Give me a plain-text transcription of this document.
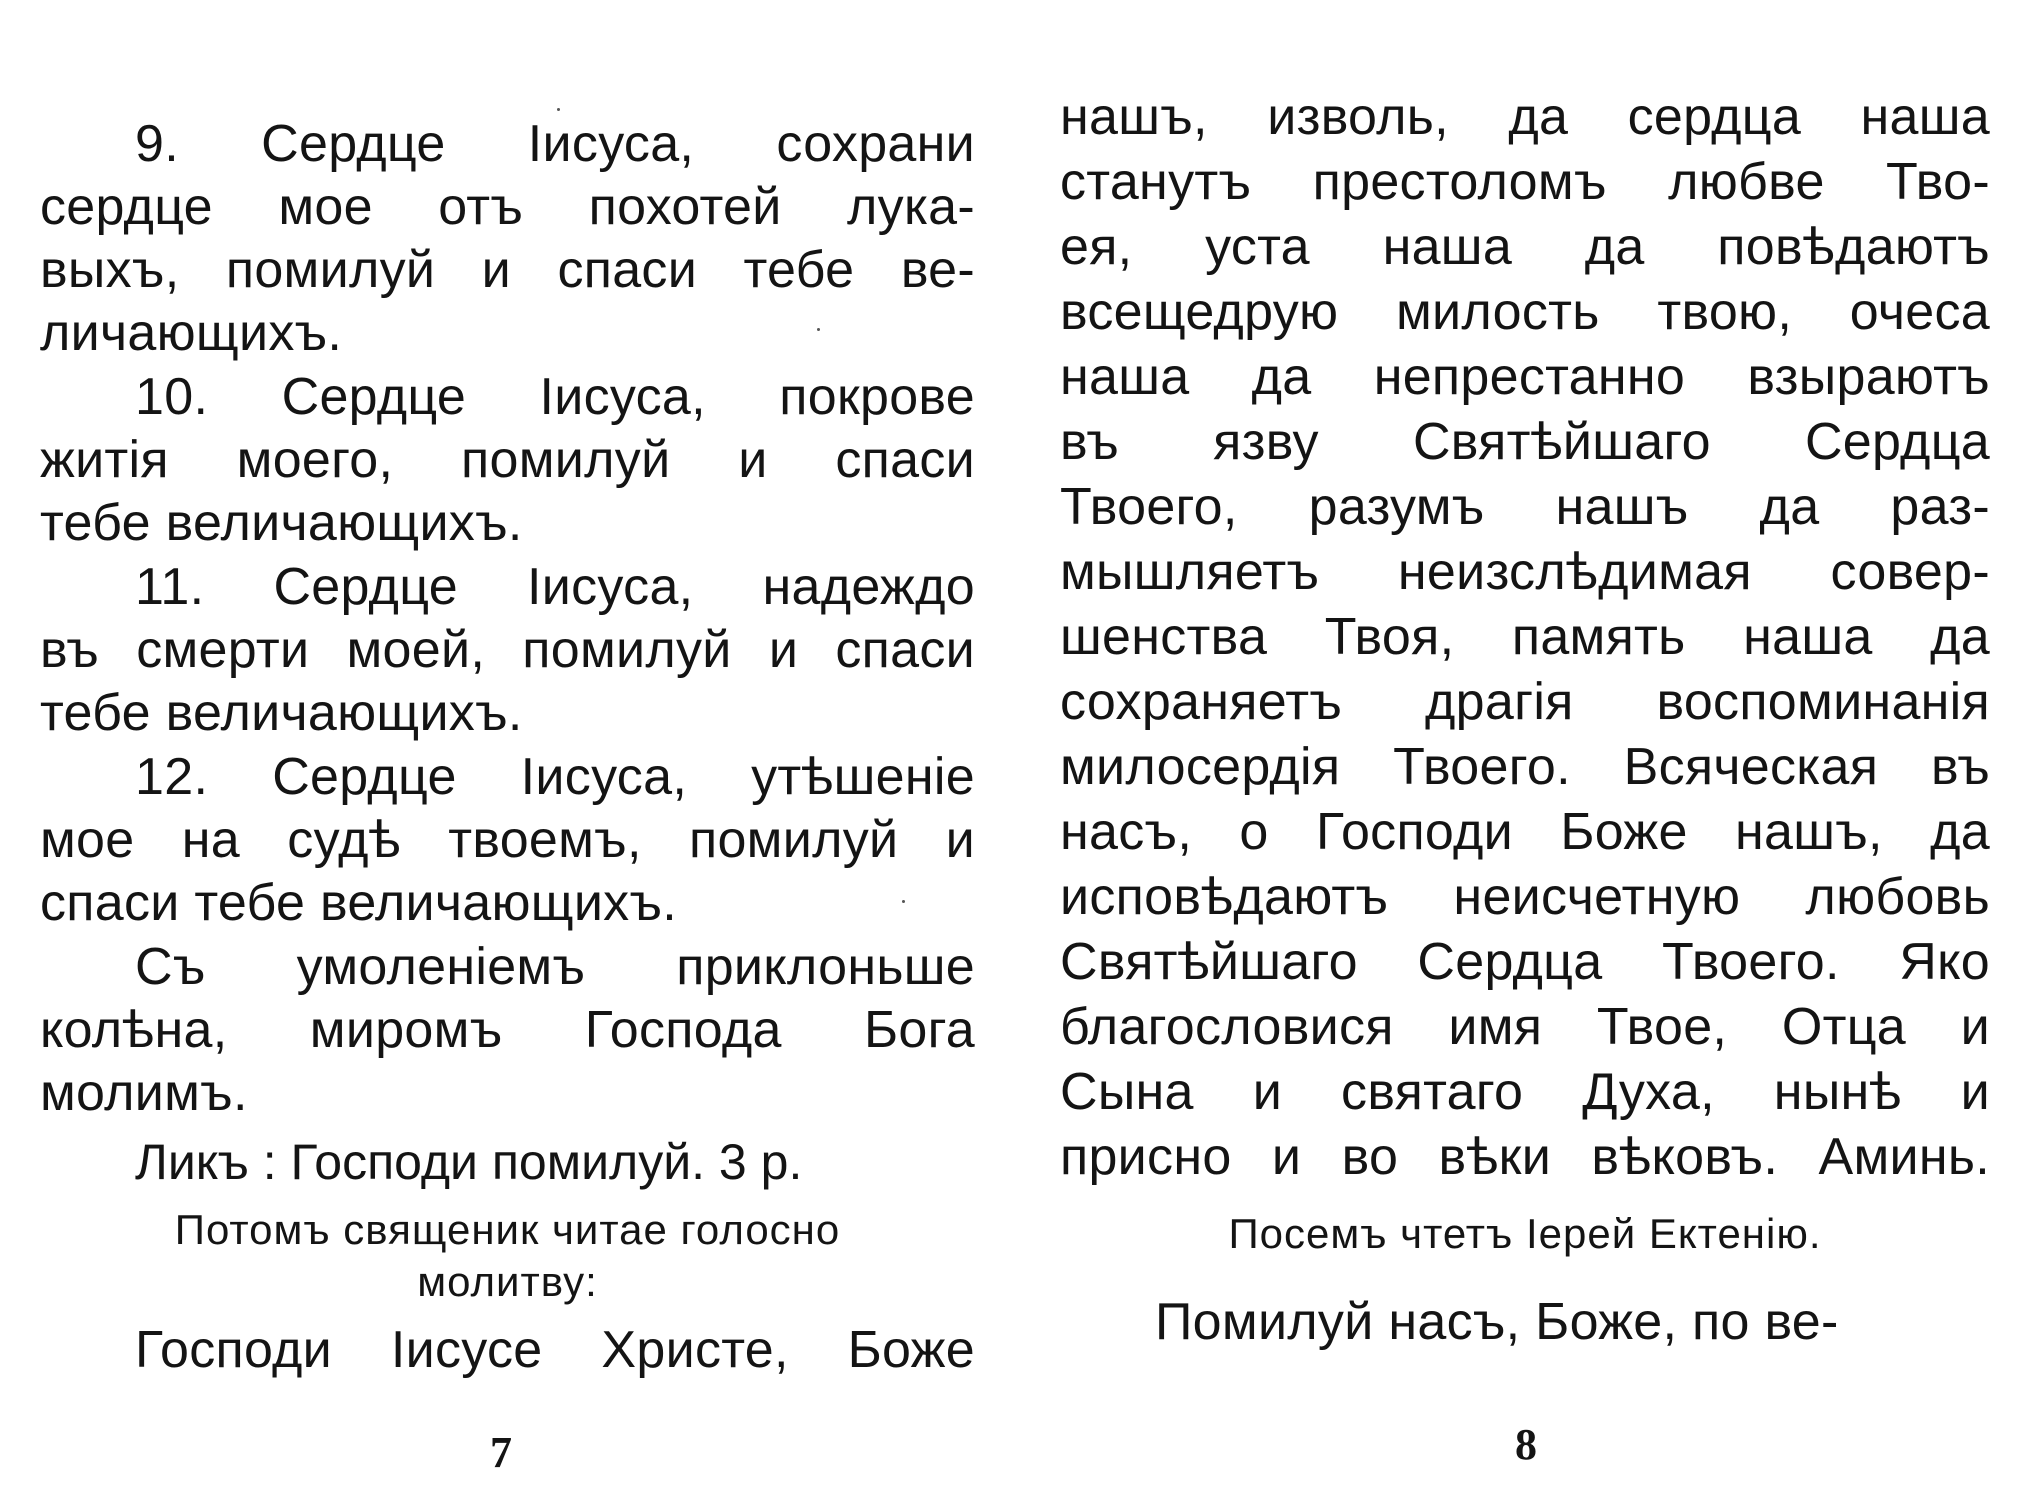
9. Сердце Іисуса, сохрани
сердце мое отъ похотей лука-
выхъ, помилуй и спаси тебе ве-
личающихъ.
10. Сердце Іисуса, покрове
житія моего, помилуй и спаси
тебе величающихъ.
11. Сердце Іисуса, надеждо
въ смерти моей, помилуй и спаси
тебе величающихъ.
12. Сердце Іисуса, утѣшеніе
мое на судѣ твоемъ, помилуй и
спаси тебе величающихъ.
Съ умоленіемъ приклоньше
колѣна, миромъ Господа Бога
молимъ.
Ликъ : Господи помилуй. 3 р.
Потомъ священик читае голосно
молитву:
Господи Іисусе Христе, Боже
7
нашъ, изволь, да сердца наша
станутъ престоломъ любве Тво-
ея, уста наша да повѣдаютъ
всещедрую милость твою, очеса
наша да непрестанно взыраютъ
въ язву Святѣйшаго Сердца
Твоего, разумъ нашъ да раз-
мышляетъ неизслѣдимая совер-
шенства Твоя, память наша да
сохраняетъ драгія воспоминанія
милосердія Твоего. Всяческая въ
насъ, о Господи Боже нашъ, да
исповѣдаютъ неисчетную любовь
Святѣйшаго Сердца Твоего. Яко
благословися имя Твое, Отца и
Сына и святаго Духа, нынѣ и
присно и во вѣки вѣковъ. Аминь.
Посемъ чтетъ Іерей Ектенію.
Помилуй насъ, Боже, по ве-
8
